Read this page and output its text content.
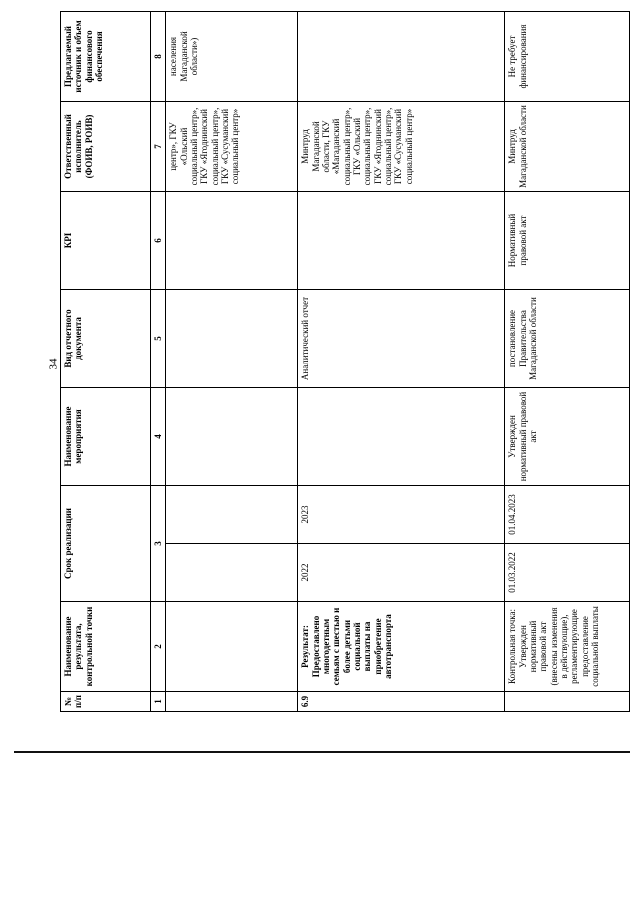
34
№ п/п	Наименование результата, контрольной точки	Срок реализации		Наименование мероприятия	Вид отчетного документа	КРІ	Ответственный исполнитель (ФОИВ, РОИВ)	Предлагаемый источник и объем финансового обеспечения
1	2	3		4	5	6	7	8
							центр», ГКУ «Ольский социальный центр», ГКУ «Ягоднинский социальный центр», ГКУ «Сусуманский социальный центр»	населения Магаданской области»)
6.9	Результат: Предоставлено многодетным семьям с шестью и более детьми социальной выплаты на приобретение автотранспорта	2022	2023		Аналитический отчет		Минтруд Магаданской области, ГКУ «Магаданский социальный центр», ГКУ «Ольский социальный центр», ГКУ «Ягоднинский социальный центр», ГКУ «Сусуманский социальный центр»	
	Контрольная точка: Утвержден нормативный правовой акт (внесены изменения в действующие), регламентирующие предоставление социальной выплаты	01.03.2022	01.04.2023	Утвержден нормативный правовой акт	постановление Правительства Магаданской области	Нормативный правовой акт	Минтруд Магаданской области	Не требует финансирования
